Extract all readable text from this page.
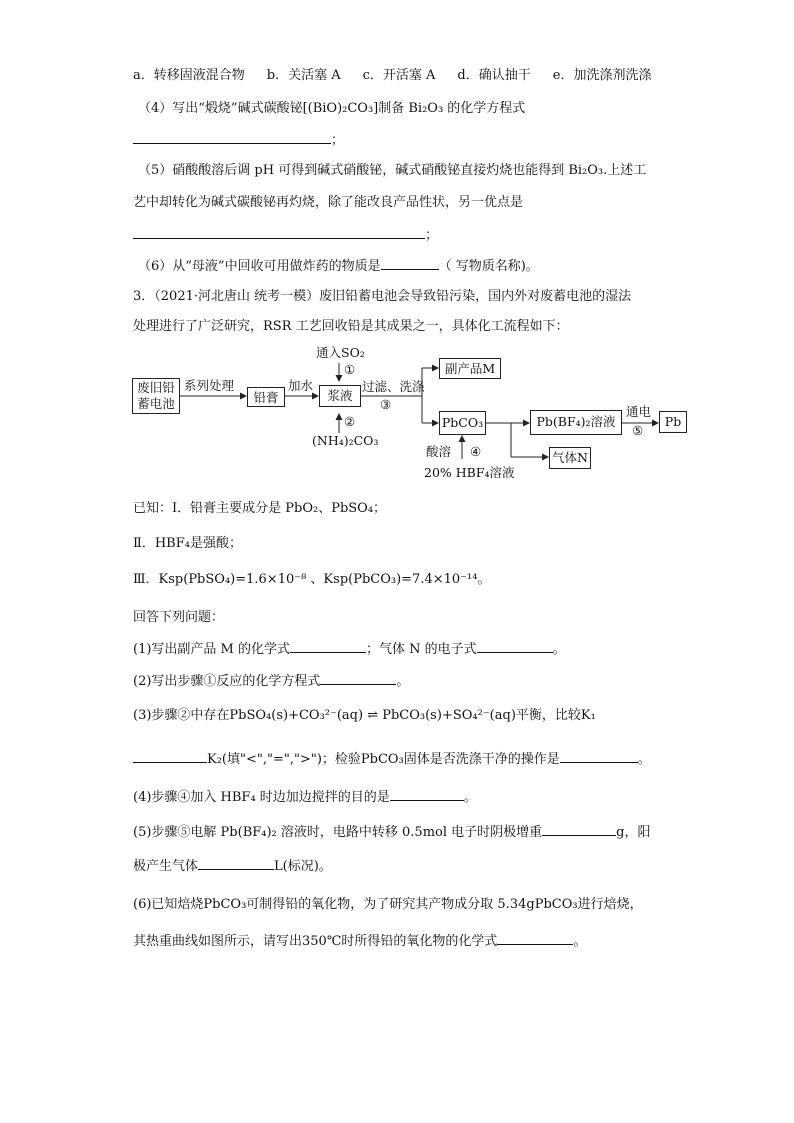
a．转移固液混合物 b．关活塞 A c．开活塞 A d．确认抽干 e．加洗涤剂洗涤
（4）写出“煅烧”碱式碳酸铋[(BiO)₂CO₃]制备 Bi₂O₃ 的化学方程式
；
（5）硝酸酸溶后调 pH 可得到碱式硝酸铋，碱式硝酸铋直接灼烧也能得到 Bi₂O₃.上述工
艺中却转化为碱式碳酸铋再灼烧，除了能改良产品性状，另一优点是
；
（6）从“母液”中回收可用做炸药的物质是	（ 写物质名称)。
3．（2021·河北唐山 统考一模）废旧铅蓄电池会导致铅污染，国内外对废蓄电池的湿法
处理进行了广泛研究，RSR 工艺回收铅是其成果之一，具体化工流程如下：
废旧铅
蓄电池
系列处理
铅膏
加水
浆液
通入SO₂
①
②
(NH₄)₂CO₃
过滤、洗涤
③
副产品M
PbCO₃
酸溶 ④
20% HBF₄溶液
Pb(BF₄)₂溶液
通电
⑤
Pb
气体N
已知：Ⅰ．铅膏主要成分是 PbO₂、PbSO₄；
Ⅱ．HBF₄是强酸；
Ⅲ．Ksp(PbSO₄)=1.6×10⁻⁸ 、Ksp(PbCO₃)=7.4×10⁻¹⁴。
回答下列问题：
(1)写出副产品 M 的化学式	；气体 N 的电子式	。
(2)写出步骤①反应的化学方程式	。
(3)步骤②中存在PbSO₄(s)+CO₃²⁻(aq) ⇌ PbCO₃(s)+SO₄²⁻(aq)平衡，比较K₁
K₂(填"<","=",">")；检验PbCO₃固体是否洗涤干净的操作是	。
(4)步骤④加入 HBF₄ 时边加边搅拌的目的是	。
(5)步骤⑤电解 Pb(BF₄)₂ 溶液时，电路中转移 0.5mol 电子时阴极增重	g，阳
极产生气体	L(标况)。
(6)已知焙烧PbCO₃可制得铅的氧化物，为了研究其产物成分取 5.34gPbCO₃进行焙烧，
其热重曲线如图所示，请写出350℃时所得铅的氧化物的化学式	。
